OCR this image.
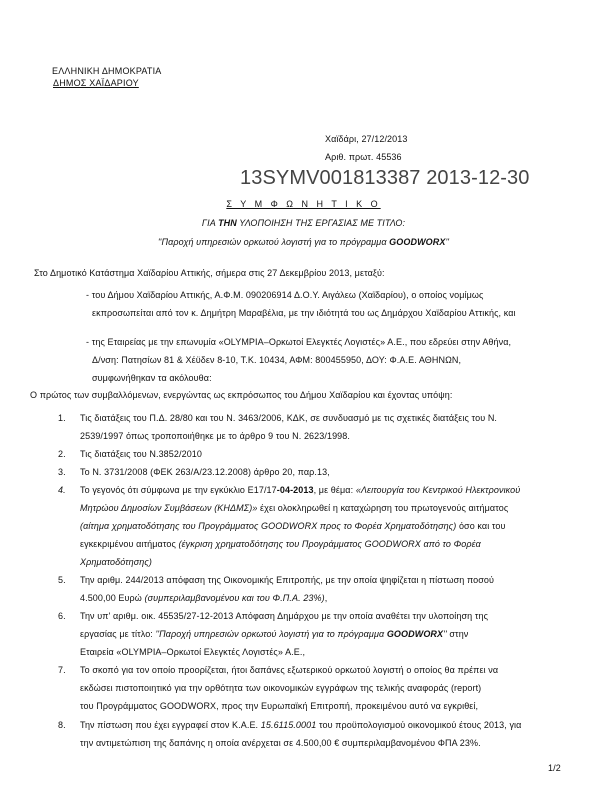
ΕΛΛΗΝΙΚΗ ΔΗΜΟΚΡΑΤΙΑ
ΔΗΜΟΣ ΧΑΪΔΑΡΙΟΥ
Χαϊδάρι, 27/12/2013
Αριθ. πρωτ. 45536
13SYMV001813387 2013-12-30
Σ Υ Μ Φ Ω Ν Η Τ Ι Κ Ο
ΓΙΑ ΤΗΝ ΥΛΟΠΟΙΗΣΗ ΤΗΣ ΕΡΓΑΣΙΑΣ ΜΕ ΤΙΤΛΟ:
''Παροχή υπηρεσιών ορκωτού λογιστή για το πρόγραμμα GOODWORX''
Στο Δημοτικό Κατάστημα Χαϊδαρίου Αττικής, σήμερα στις 27 Δεκεμβρίου 2013, μεταξύ:
- του Δήμου Χαϊδαρίου Αττικής, Α.Φ.Μ. 090206914 Δ.Ο.Υ. Αιγάλεω (Χαϊδαρίου), ο οποίος νομίμως
εκπροσωπείται από τον κ. Δημήτρη Μαραβέλια, με την ιδιότητά του ως Δημάρχου Χαϊδαρίου Αττικής, και
- της Εταιρείας με την επωνυμία «OLYMPIA–Ορκωτοί Ελεγκτές Λογιστές» Α.Ε., που εδρεύει στην Αθήνα,
Δ/νση: Πατησίων 81 & Χέϋδεν 8-10, Τ.Κ. 10434, ΑΦΜ: 800455950, ΔΟΥ: Φ.Α.Ε. ΑΘΗΝΩΝ,
συμφωνήθηκαν τα ακόλουθα:
Ο πρώτος των συμβαλλόμενων, ενεργώντας ως εκπρόσωπος του Δήμου Χαϊδαρίου και έχοντας υπόψη:
1. Τις διατάξεις του Π.Δ. 28/80 και του Ν. 3463/2006, ΚΔΚ, σε συνδυασμό με τις σχετικές διατάξεις του Ν.
2539/1997 όπως τροποποιήθηκε με το άρθρο 9 του Ν. 2623/1998.
2. Τις διατάξεις του Ν.3852/2010
3. Το Ν. 3731/2008 (ΦΕΚ 263/Α/23.12.2008) άρθρο 20, παρ.13,
4. Το γεγονός ότι σύμφωνα με την εγκύκλιο Ε17/17-04-2013, με θέμα: «Λειτουργία του Κεντρικού Ηλεκτρονικού
Μητρώου Δημοσίων Συμβάσεων (ΚΗΔΜΣ)» έχει ολοκληρωθεί η καταχώρηση του πρωτογενούς αιτήματος
(αίτημα χρηματοδότησης του Προγράμματος GOODWORX προς το Φορέα Χρηματοδότησης) όσο και του
εγκεκριμένου αιτήματος (έγκριση χρηματοδότησης του Προγράμματος GOODWORX από το Φορέα
Χρηματοδότησης)
5. Την αριθμ. 244/2013 απόφαση της Οικονομικής Επιτροπής, με την οποία ψηφίζεται η πίστωση ποσού
4.500,00 Ευρώ (συμπεριλαμβανομένου και του Φ.Π.Α. 23%),
6. Την υπ' αριθμ. οικ. 45535/27-12-2013 Απόφαση Δημάρχου με την οποία αναθέτει την υλοποίηση της
εργασίας με τίτλο: ''Παροχή υπηρεσιών ορκωτού λογιστή για το πρόγραμμα GOODWORX'' στην
Εταιρεία «OLYMPIA–Ορκωτοί Ελεγκτές Λογιστές» Α.Ε.,
7. Το σκοπό για τον οποίο προορίζεται, ήτοι δαπάνες εξωτερικού ορκωτού λογιστή ο οποίος θα πρέπει να
εκδώσει πιστοποιητικό για την ορθότητα των οικονομικών εγγράφων της τελικής αναφοράς (report)
του Προγράμματος GOODWORX, προς την Ευρωπαϊκή Επιτροπή, προκειμένου αυτό να εγκριθεί,
8. Την πίστωση που έχει εγγραφεί στον Κ.Α.Ε. 15.6115.0001 του προϋπολογισμού οικονομικού έτους 2013, για
την αντιμετώπιση της δαπάνης η οποία ανέρχεται σε 4.500,00 € συμπεριλαμβανομένου ΦΠΑ 23%.
1/2
